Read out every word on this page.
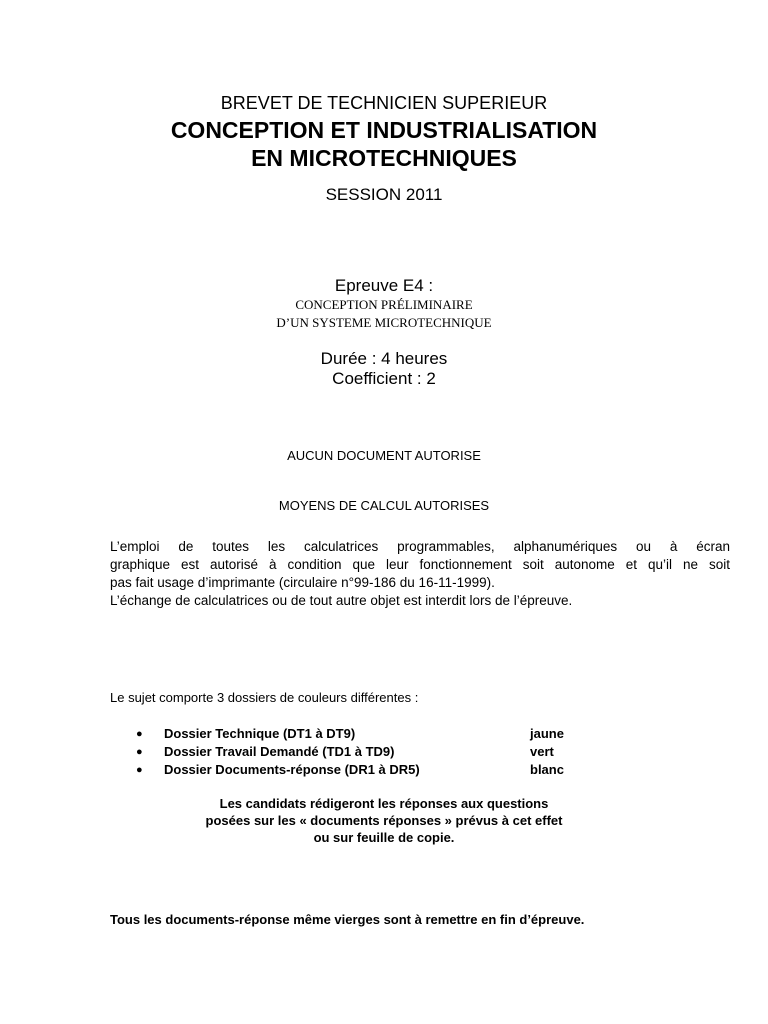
BREVET DE TECHNICIEN SUPERIEUR
CONCEPTION ET INDUSTRIALISATION
EN MICROTECHNIQUES
SESSION 2011
Epreuve E4 :
CONCEPTION PRÉLIMINAIRE
D’UN SYSTEME MICROTECHNIQUE
Durée : 4 heures
Coefficient : 2
AUCUN DOCUMENT AUTORISE
MOYENS DE CALCUL AUTORISES
L’emploi de toutes les calculatrices programmables, alphanumériques ou à écran
graphique est autorisé à condition que leur fonctionnement soit autonome et qu’il ne soit
pas fait usage d’imprimante (circulaire n°99-186 du 16-11-1999).
L’échange de calculatrices ou de tout autre objet est interdit lors de l’épreuve.
Le sujet comporte 3 dossiers de couleurs différentes :
●	Dossier Technique (DT1 à DT9)	jaune
●	Dossier Travail Demandé (TD1 à TD9)	vert
●	Dossier Documents-réponse (DR1 à DR5)	blanc
Les candidats rédigeront les réponses aux questions
posées sur les « documents réponses » prévus à cet effet
ou sur feuille de copie.
Tous les documents-réponse même vierges sont à remettre en fin d’épreuve.
